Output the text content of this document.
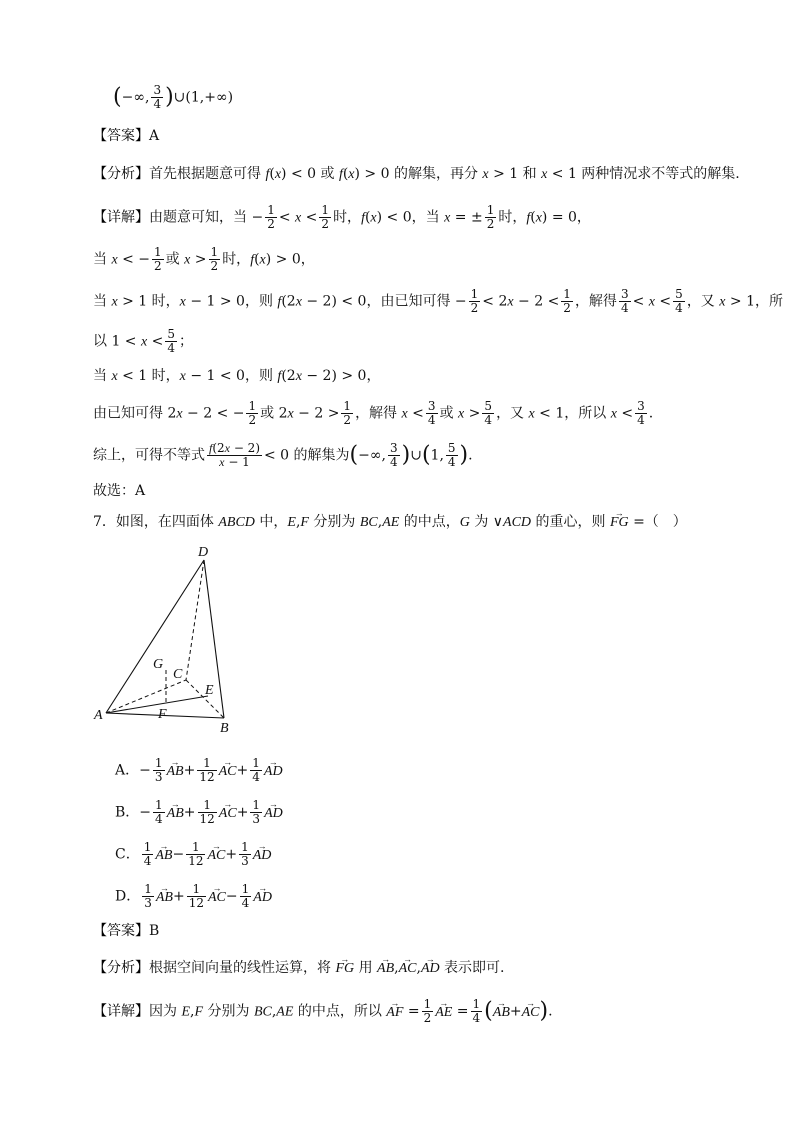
(−∞, $\frac{3}{4}$ )∪(1,+∞)
【答案】A
【分析】首先根据题意可得 f(x) < 0 或 f(x) > 0 的解集，再分 x > 1 和 x < 1 两种情况求不等式的解集.
【详解】由题意可知，当 − $\frac{1}{2} < x < \frac{1}{2}$ 时，f(x) < 0，当 x = ± $\frac{1}{2}$ 时，f(x) = 0，
当 x < − $\frac{1}{2}$ 或 $x > \frac{1}{2}$ 时，f(x) > 0，
当 x > 1 时，x − 1 > 0，则 f(2x − 2) < 0，由已知可得 − $\frac{1}{2} < 2x - 2 < \frac{1}{2}$ ，解得 $\frac{3}{4} < x < \frac{5}{4}$ ，又 x > 1，所
以 $1 < x < \frac{5}{4}$ ；
当 x < 1 时，x − 1 < 0，则 f(2x − 2) > 0，
由已知可得 2x − 2 < − $\frac{1}{2}$ 或 $2x - 2 > \frac{1}{2}$ ，解得 $x < \frac{3}{4}$ 或 $x > \frac{5}{4}$ ，又 x < 1，所以 $x < \frac{3}{4}$ .
综上，可得不等式 $\frac{f(2x - 2)}{x - 1} < 0$ 的解集为(−∞, $\frac{3}{4}$ )∪(1, $\frac{5}{4}$ ).
故选：A
7．如图，在四面体 ABCD 中，E,F 分别为 BC,AE 的中点，G 为 ∨ACD 的重心，则 → FG =（　）
D
A
B
C
E
F
G
A．− $\frac{1}{3}$
→ $AB+ \frac{1}{12}$
→ $AC+ \frac{1}{4}$
→ AD
B．− $\frac{1}{4}$
→ $AB+ \frac{1}{12}$
→ $AC+ \frac{1}{3}$
→ AD
C． $\frac{1}{4}$
→ $AB- \frac{1}{12}$
→ $AC+ \frac{1}{3}$
→ AD
D． $\frac{1}{3}$
→ $AB+ \frac{1}{12}$
→ $AC- \frac{1}{4}$
→ AD
【答案】B
【分析】根据空间向量的线性运算，将 → FG 用 → AB,→ AC,→ AD 表示即可.
【详解】因为 E,F 分别为 BC,AE 的中点，所以 → AF = $\frac{1}{2}$
→ AE = $\frac{1}{4}$ (→ AB+→ AC).
